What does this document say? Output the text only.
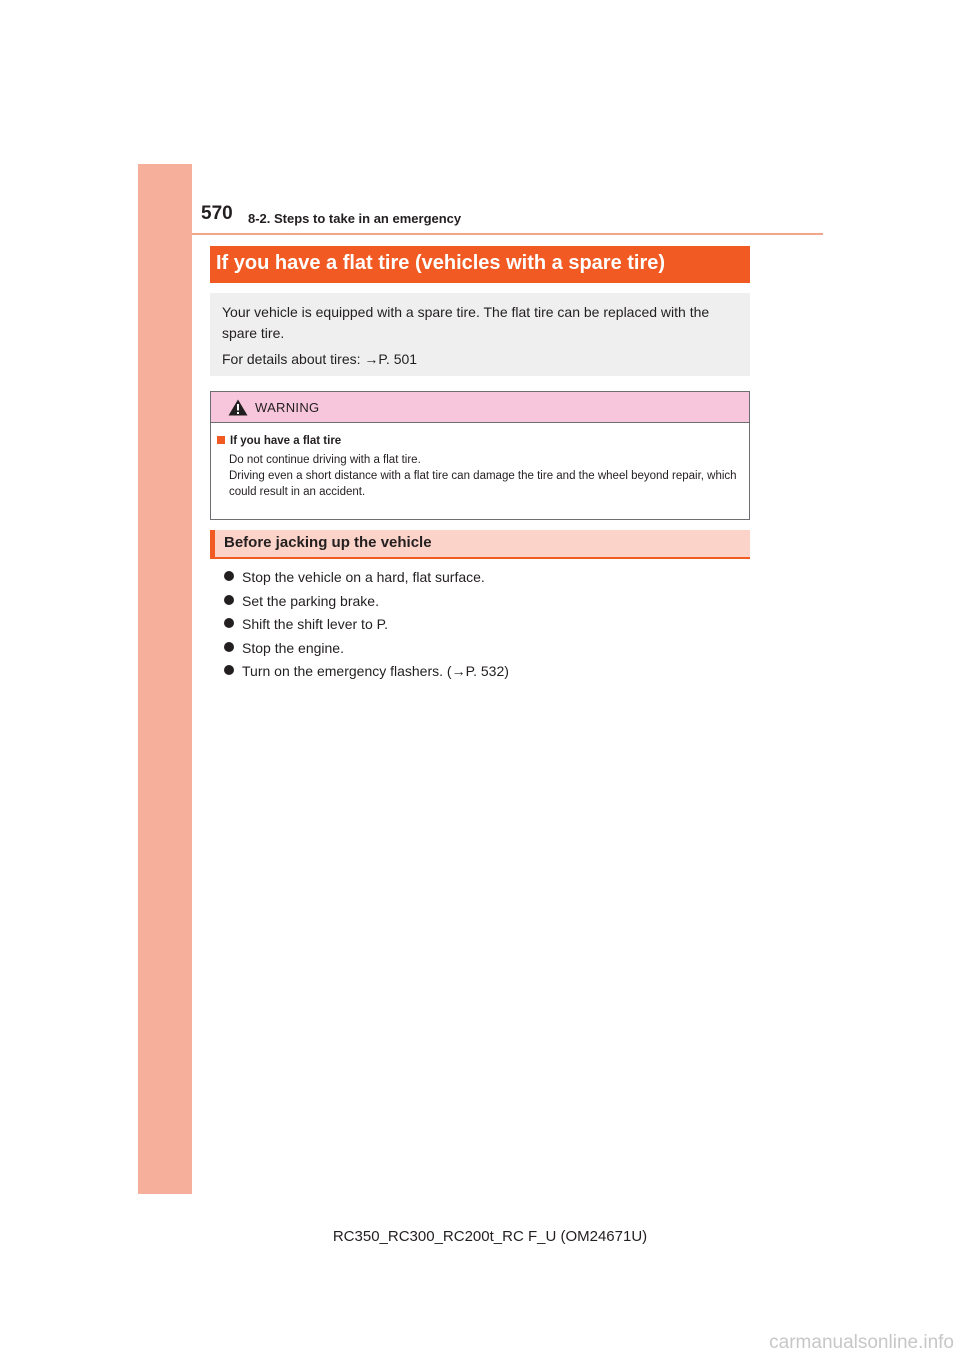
570 8-2. Steps to take in an emergency
If you have a flat tire (vehicles with a spare tire)

Your vehicle is equipped with a spare tire. The flat tire can be replaced with the spare tire.

For details about tires: →P. 501

WARNING

If you have a flat tire

Do not continue driving with a flat tire.

Driving even a short distance with a flat tire can damage the tire and the wheel beyond repair, which could result in an accident.

Before jacking up the vehicle
Stop the vehicle on a hard, flat surface.
Set the parking brake.
Shift the shift lever to P.
Stop the engine.
Turn on the emergency flashers. (→P. 532)
RC350_RC300_RC200t_RC F_U (OM24671U)
carmanualsonline.info
